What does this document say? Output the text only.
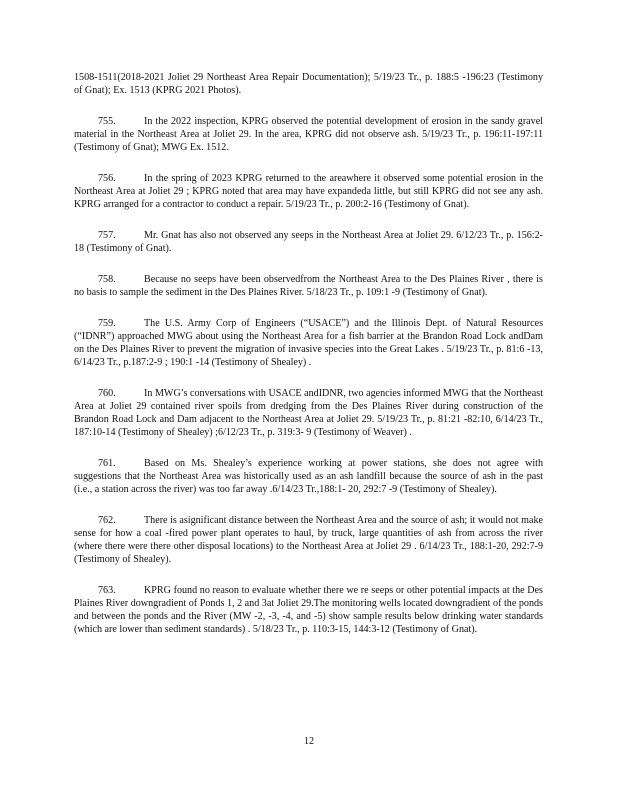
1508-1511(2018-2021 Joliet 29 Northeast Area Repair Documentation); 5/19/23 Tr., p. 188:5 -196:23 (Testimony of Gnat); Ex. 1513 (KPRG 2021 Photos).

755.	In the 2022 inspection, KPRG observed the potential development of erosion in the sandy gravel material in the Northeast Area at Joliet 29. In the area, KPRG did not observe ash. 5/19/23 Tr., p. 196:11-197:11 (Testimony of Gnat); MWG Ex. 1512.

756.	In the spring of 2023 KPRG returned to the areawhere it observed some potential erosion in the Northeast Area at Joliet 29 ; KPRG noted that area may have expandeda little, but still KPRG did not see any ash. KPRG arranged for a contractor to conduct a repair. 5/19/23 Tr., p. 200:2-16 (Testimony of Gnat).

757.	Mr. Gnat has also not observed any seeps in the Northeast Area at Joliet 29. 6/12/23 Tr., p. 156:2-18 (Testimony of Gnat).

758.	Because no seeps have been observedfrom the Northeast Area to the Des Plaines River , there is no basis to sample the sediment in the Des Plaines River. 5/18/23 Tr., p. 109:1 -9 (Testimony of Gnat).

759.	The U.S. Army Corp of Engineers (“USACE”) and the Illinois Dept. of Natural Resources (“IDNR”) approached MWG about using the Northeast Area for a fish barrier at the Brandon Road Lock andDam on the Des Plaines River to prevent the migration of invasive species into the Great Lakes . 5/19/23 Tr., p. 81:6 -13, 6/14/23 Tr., p.187:2-9 ; 190:1 -14 (Testimony of Shealey) .

760.	In MWG’s conversations with USACE andIDNR, two agencies informed MWG that the Northeast Area at Joliet 29 contained river spoils from dredging from the Des Plaines River during construction of the Brandon Road Lock and Dam adjacent to the Northeast Area at Joliet 29. 5/19/23 Tr., p. 81:21 -82:10, 6/14/23 Tr., 187:10-14 (Testimony of Shealey) ;6/12/23 Tr., p. 319:3- 9 (Testimony of Weaver) .

761.	Based on Ms. Shealey’s experience working at power stations, she does not agree with suggestions that the Northeast Area was historically used as an ash landfill because the source of ash in the past (i.e., a station across the river) was too far away .6/14/23 Tr.,188:1- 20, 292:7 -9 (Testimony of Shealey).

762.	There is asignificant distance between the Northeast Area and the source of ash; it would not make sense for how a coal -fired power plant operates to haul, by truck, large quantities of ash from across the river (where there were there other disposal locations) to the Northeast Area at Joliet 29 . 6/14/23 Tr., 188:1-20, 292:7-9 (Testimony of Shealey).

763.	KPRG found no reason to evaluate whether there we re seeps or other potential impacts at the Des Plaines River downgradient of Ponds 1, 2 and 3at Joliet 29.The monitoring wells located downgradient of the ponds and between the ponds and the River (MW -2, -3, -4, and -5) show sample results below drinking water standards (which are lower than sediment standards) . 5/18/23 Tr., p. 110:3-15, 144:3-12 (Testimony of Gnat).

12
